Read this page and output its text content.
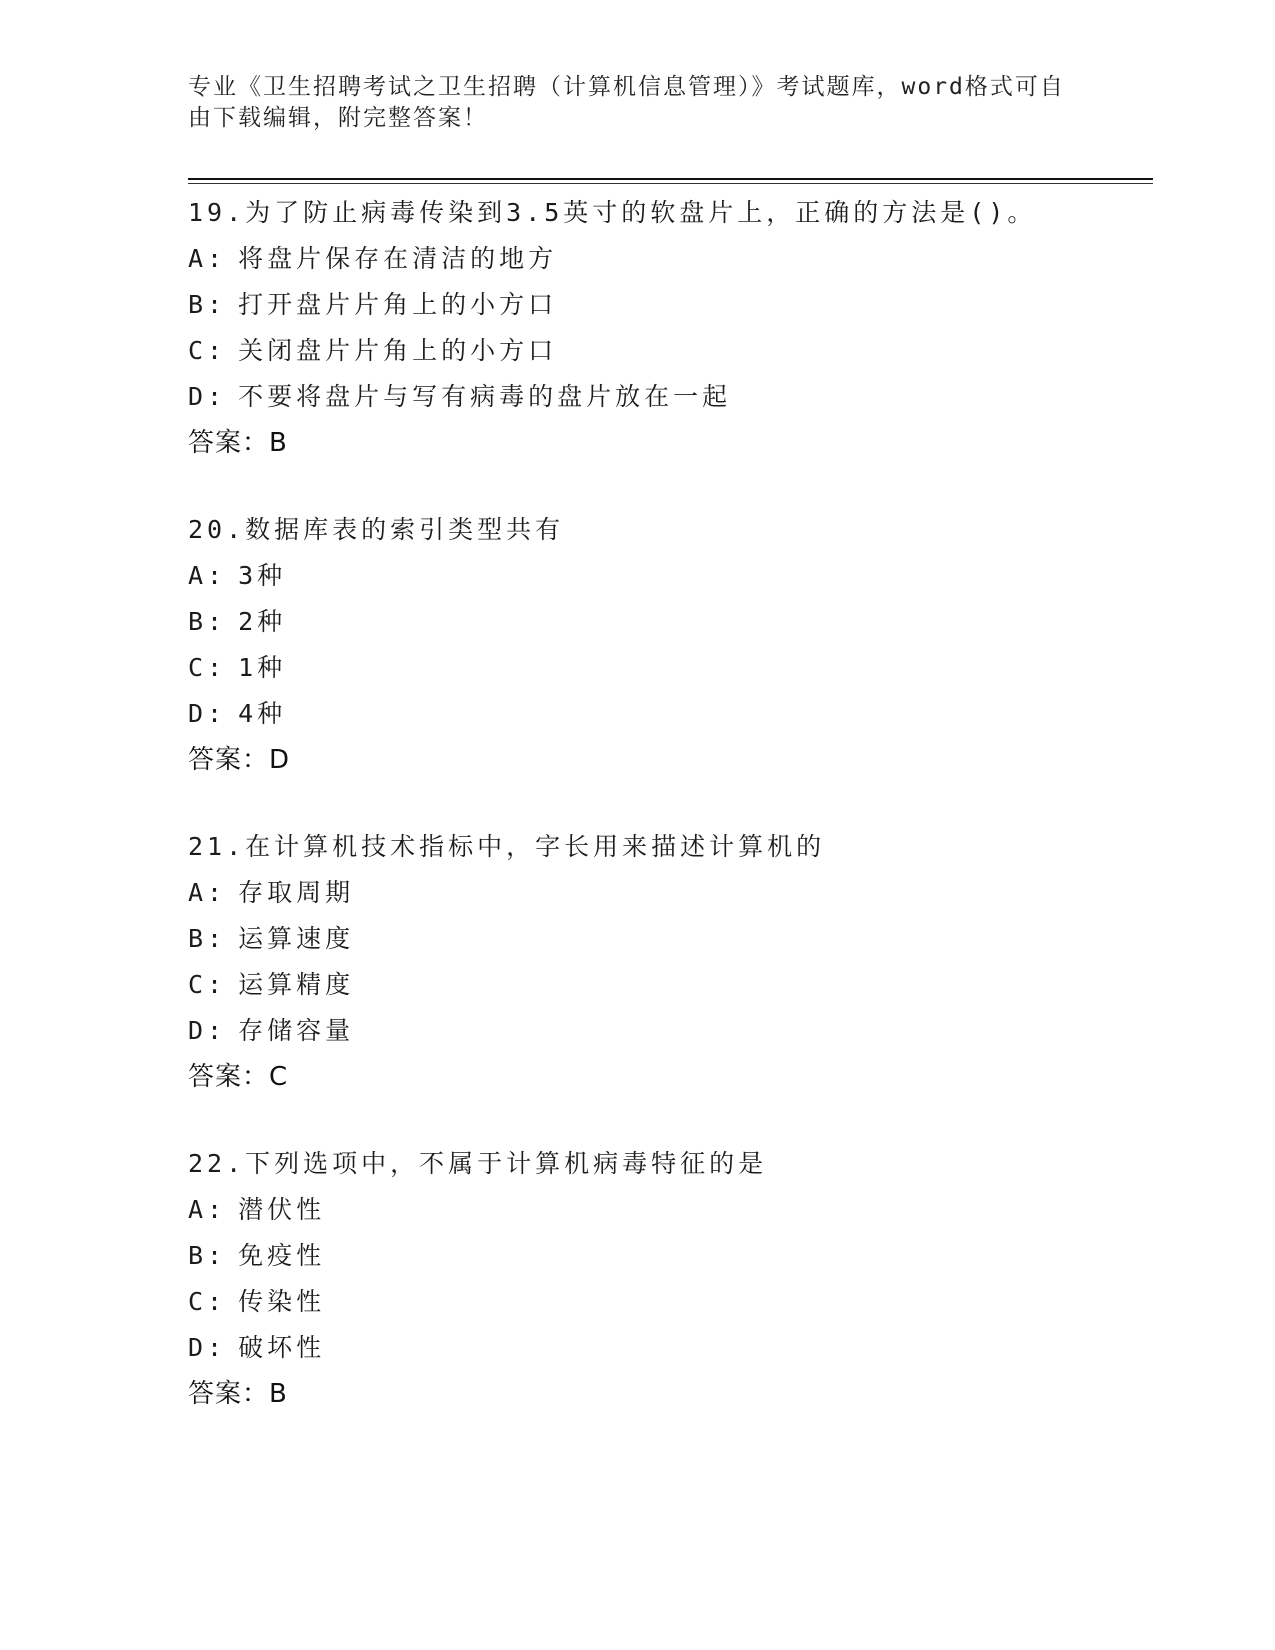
专业《卫生招聘考试之卫生招聘（计算机信息管理）》考试题库，word格式可自
由下载编辑，附完整答案！
19.为了防止病毒传染到3.5英寸的软盘片上，正确的方法是()。
A: 将盘片保存在清洁的地方
B: 打开盘片片角上的小方口
C: 关闭盘片片角上的小方口
D: 不要将盘片与写有病毒的盘片放在一起
答案：B
20.数据库表的索引类型共有
A: 3种
B: 2种
C: 1种
D: 4种
答案：D
21.在计算机技术指标中，字长用来描述计算机的
A: 存取周期
B: 运算速度
C: 运算精度
D: 存储容量
答案：C
22.下列选项中，不属于计算机病毒特征的是
A: 潜伏性
B: 免疫性
C: 传染性
D: 破坏性
答案：B
